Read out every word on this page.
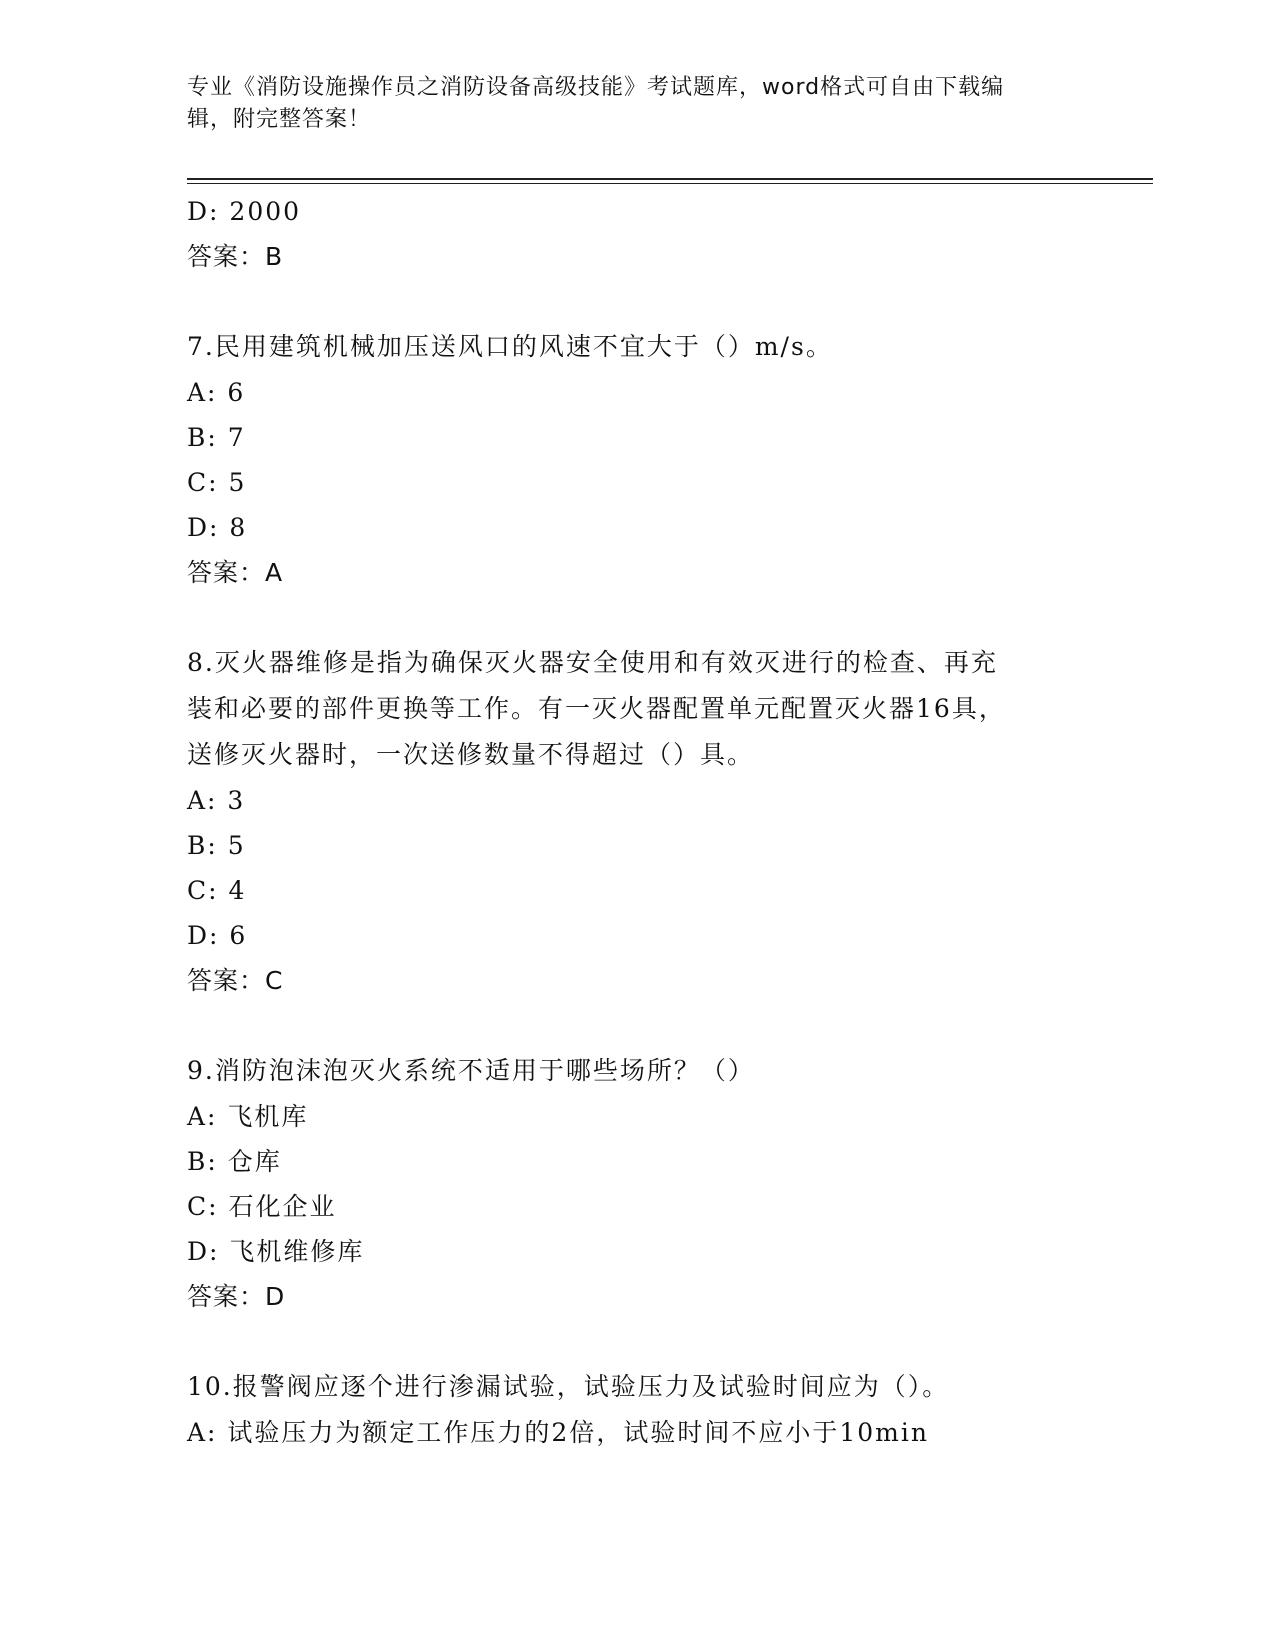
专业《消防设施操作员之消防设备高级技能》考试题库，word格式可自由下载编
辑，附完整答案！
D: 2000
答案：B
7.民用建筑机械加压送风口的风速不宜大于（）m/s。
A: 6
B: 7
C: 5
D: 8
答案：A
8.灭火器维修是指为确保灭火器安全使用和有效灭进行的检查、再充
装和必要的部件更换等工作。有一灭火器配置单元配置灭火器16具，
送修灭火器时，一次送修数量不得超过（）具。
A: 3
B: 5
C: 4
D: 6
答案：C
9.消防泡沫泡灭火系统不适用于哪些场所？（）
A: 飞机库
B: 仓库
C: 石化企业
D: 飞机维修库
答案：D
10.报警阀应逐个进行渗漏试验，试验压力及试验时间应为（）。
A: 试验压力为额定工作压力的2倍，试验时间不应小于10min
